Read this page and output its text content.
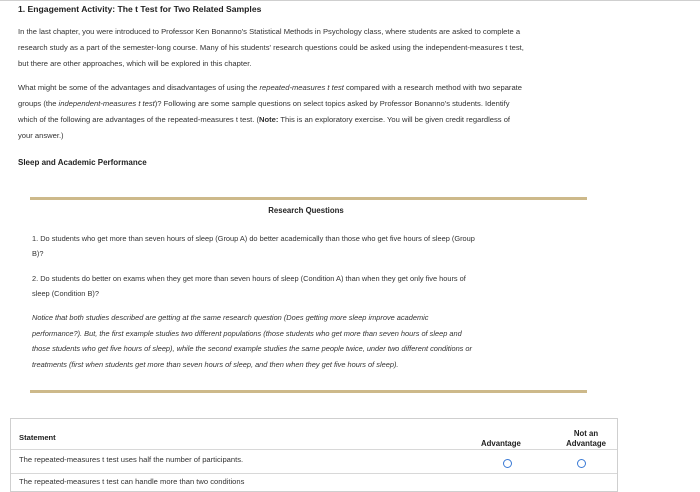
1. Engagement Activity: The t Test for Two Related Samples
In the last chapter, you were introduced to Professor Ken Bonanno's Statistical Methods in Psychology class, where students are asked to complete a
research study as a part of the semester-long course. Many of his students' research questions could be asked using the independent-measures t test,
but there are other approaches, which will be explored in this chapter.
What might be some of the advantages and disadvantages of using the repeated-measures t test compared with a research method with two separate
groups (the independent-measures t test)? Following are some sample questions on select topics asked by Professor Bonanno's students. Identify
which of the following are advantages of the repeated-measures t test. (Note: This is an exploratory exercise. You will be given credit regardless of
your answer.)
Sleep and Academic Performance
Research Questions
1. Do students who get more than seven hours of sleep (Group A) do better academically than those who get five hours of sleep (Group
B)?
2. Do students do better on exams when they get more than seven hours of sleep (Condition A) than when they get only five hours of
sleep (Condition B)?
Notice that both studies described are getting at the same research question (Does getting more sleep improve academic
performance?). But, the first example studies two different populations (those students who get more than seven hours of sleep and
those students who get five hours of sleep), while the second example studies the same people twice, under two different conditions or
treatments (first when students get more than seven hours of sleep, and then when they get five hours of sleep).
Statement
Advantage
Not an
Advantage
The repeated-measures t test uses half the number of participants.
The repeated-measures t test can handle more than two conditions
